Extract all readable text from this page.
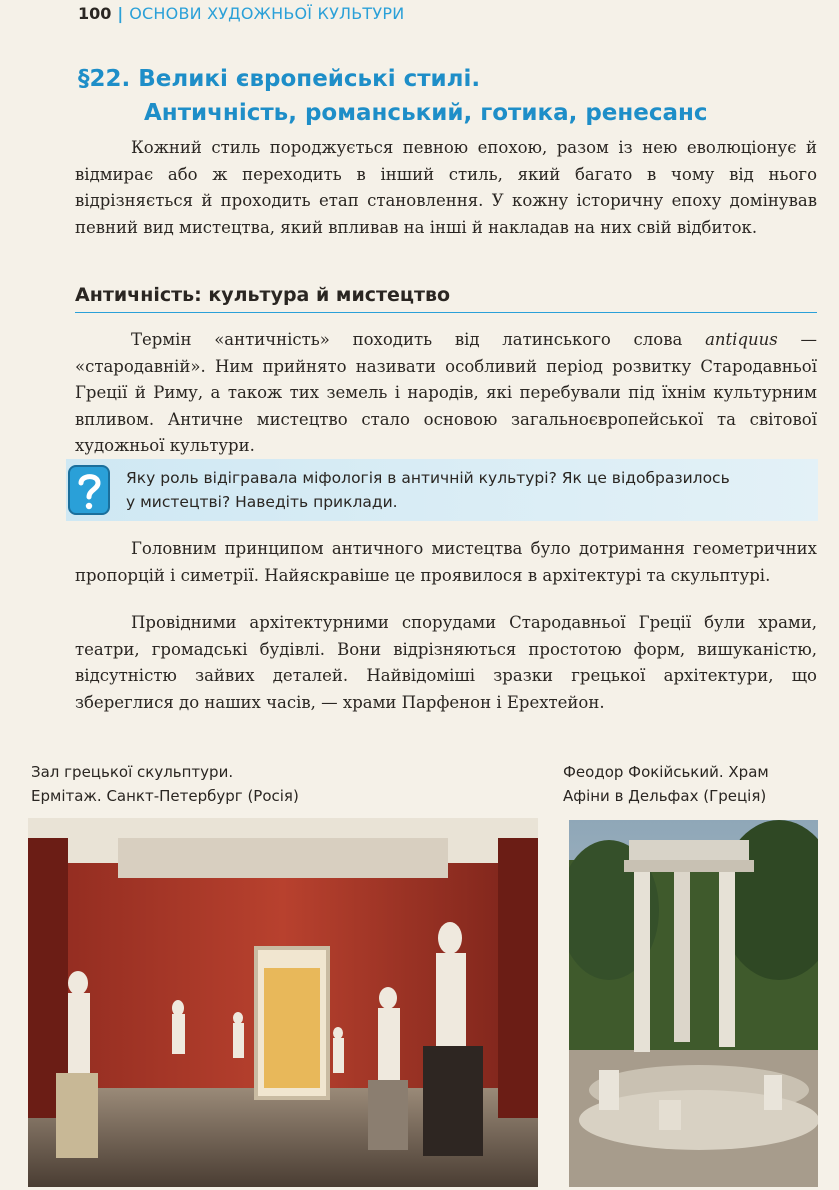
100 | ОСНОВИ ХУДОЖНЬОЇ КУЛЬТУРИ
§22. Великі європейські стилі.
Античність, романський, готика, ренесанс

Кожний стиль породжується певною епохою, разом із нею еволюціонує й відмирає або ж переходить в інший стиль, який багато в чому від нього відрізняється й проходить етап становлення. У кожну історичну епоху домінував певний вид мистецтва, який впливав на інші й накладав на них свій відбиток.

Античність: культура й мистецтво

Термін «античність» походить від латинського слова antiquus — «стародавній». Ним прийнято називати особливий період розвитку Стародавньої Греції й Риму, а також тих земель і народів, які перебували під їхнім культурним впливом. Античне мистецтво стало основою загальноєвропейської та світової художньої культури.

Яку роль відігравала міфологія в античній культурі? Як це відобразилось
у мистецтві? Наведіть приклади.

Головним принципом античного мистецтва було дотримання геометричних пропорцій і симетрії. Найяскравіше це проявилося в архітектурі та скульптурі.

Провідними архітектурними спорудами Стародавньої Греції були храми, театри, громадські будівлі. Вони відрізняються простотою форм, вишуканістю, відсутністю зайвих деталей. Найвідоміші зразки грецької архітектури, що збереглися до наших часів, — храми Парфенон і Ерехтейон.

Зал грецької скульптури.
Ермітаж. Санкт-Петербург (Росія)
Феодор Фокійський. Храм
Афіни в Дельфах (Греція)
